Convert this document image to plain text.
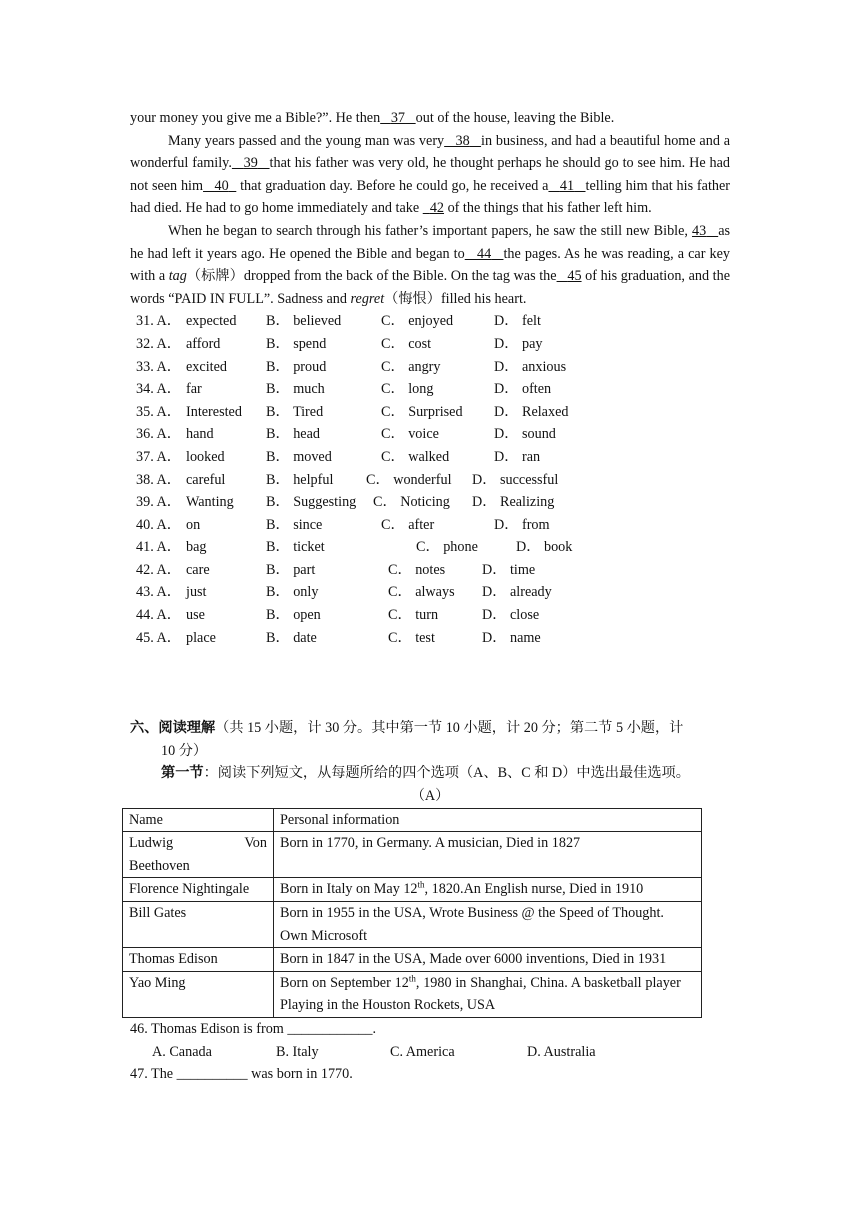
your money you give me a Bible?”. He then 37 out of the house, leaving the Bible.

Many years passed and the young man was very 38 in business, and had a beautiful home and a wonderful family. 39 that his father was very old, he thought perhaps he should go to see him. He had not seen him 40   that graduation day. Before he could go, he received a 41 telling him that his father had died. He had to go home immediately and take 42 of the things that his father left him.

When he began to search through his father’s important papers, he saw the still new Bible, 43 as he had left it years ago. He opened the Bible and began to 44 the pages. As he was reading, a car key with a tag（标牌）dropped from the back of the Bible. On the tag was the 45 of his graduation, and the words “PAID IN FULL”. Sadness and regret（悔恨）filled his heart.

31. A． expected	B． believed	C． enjoyed	D． felt
32. A． afford	B． spend	C． cost	D． pay
33. A． excited	B． proud	C． angry	D． anxious
34. A． far	B． much	C． long	D． often
35. A． Interested	B． Tired	C． Surprised	D． Relaxed
36. A． hand	B． head	C． voice	D． sound
37. A． looked	B． moved	C． walked	D． ran
38. A． careful	B． helpful	C． wonderful	D． successful
39. A． Wanting	B． Suggesting	C． Noticing	D． Realizing
40. A． on	B． since	C． after	D． from
41. A． bag	B． ticket	C． phone	D． book
42. A． care	B． part	C． notes	D． time
43. A． just	B． only	C． always	D． already
44. A． use	B． open	C． turn	D． close
45. A． place	B． date	C． test	D． name

六、阅读理解（共 15 小题，计 30 分。其中第一节 10 小题，计 20 分；第二节 5 小题，计

10 分）

第一节：阅读下列短文，从每题所给的四个选项（A、B、C 和 D）中选出最佳选项。

（A）

Name	Personal information

Ludwig Von
Beethoven	Born in 1770, in Germany. A musician, Died in 1827
Florence Nightingale	Born in Italy on May 12th, 1820.An English nurse, Died in 1910
Bill Gates	Born in 1955 in the USA, Wrote Business @ the Speed of Thought. Own Microsoft
Thomas Edison	Born in 1847 in the USA, Made over 6000 inventions, Died in 1931
Yao Ming	Born on September 12th, 1980 in Shanghai, China. A basketball player  Playing in the Houston Rockets, USA

46. Thomas Edison is from ____________.

A. Canada	B. Italy	C. America	D. Australia

47. The __________ was born in 1770.
